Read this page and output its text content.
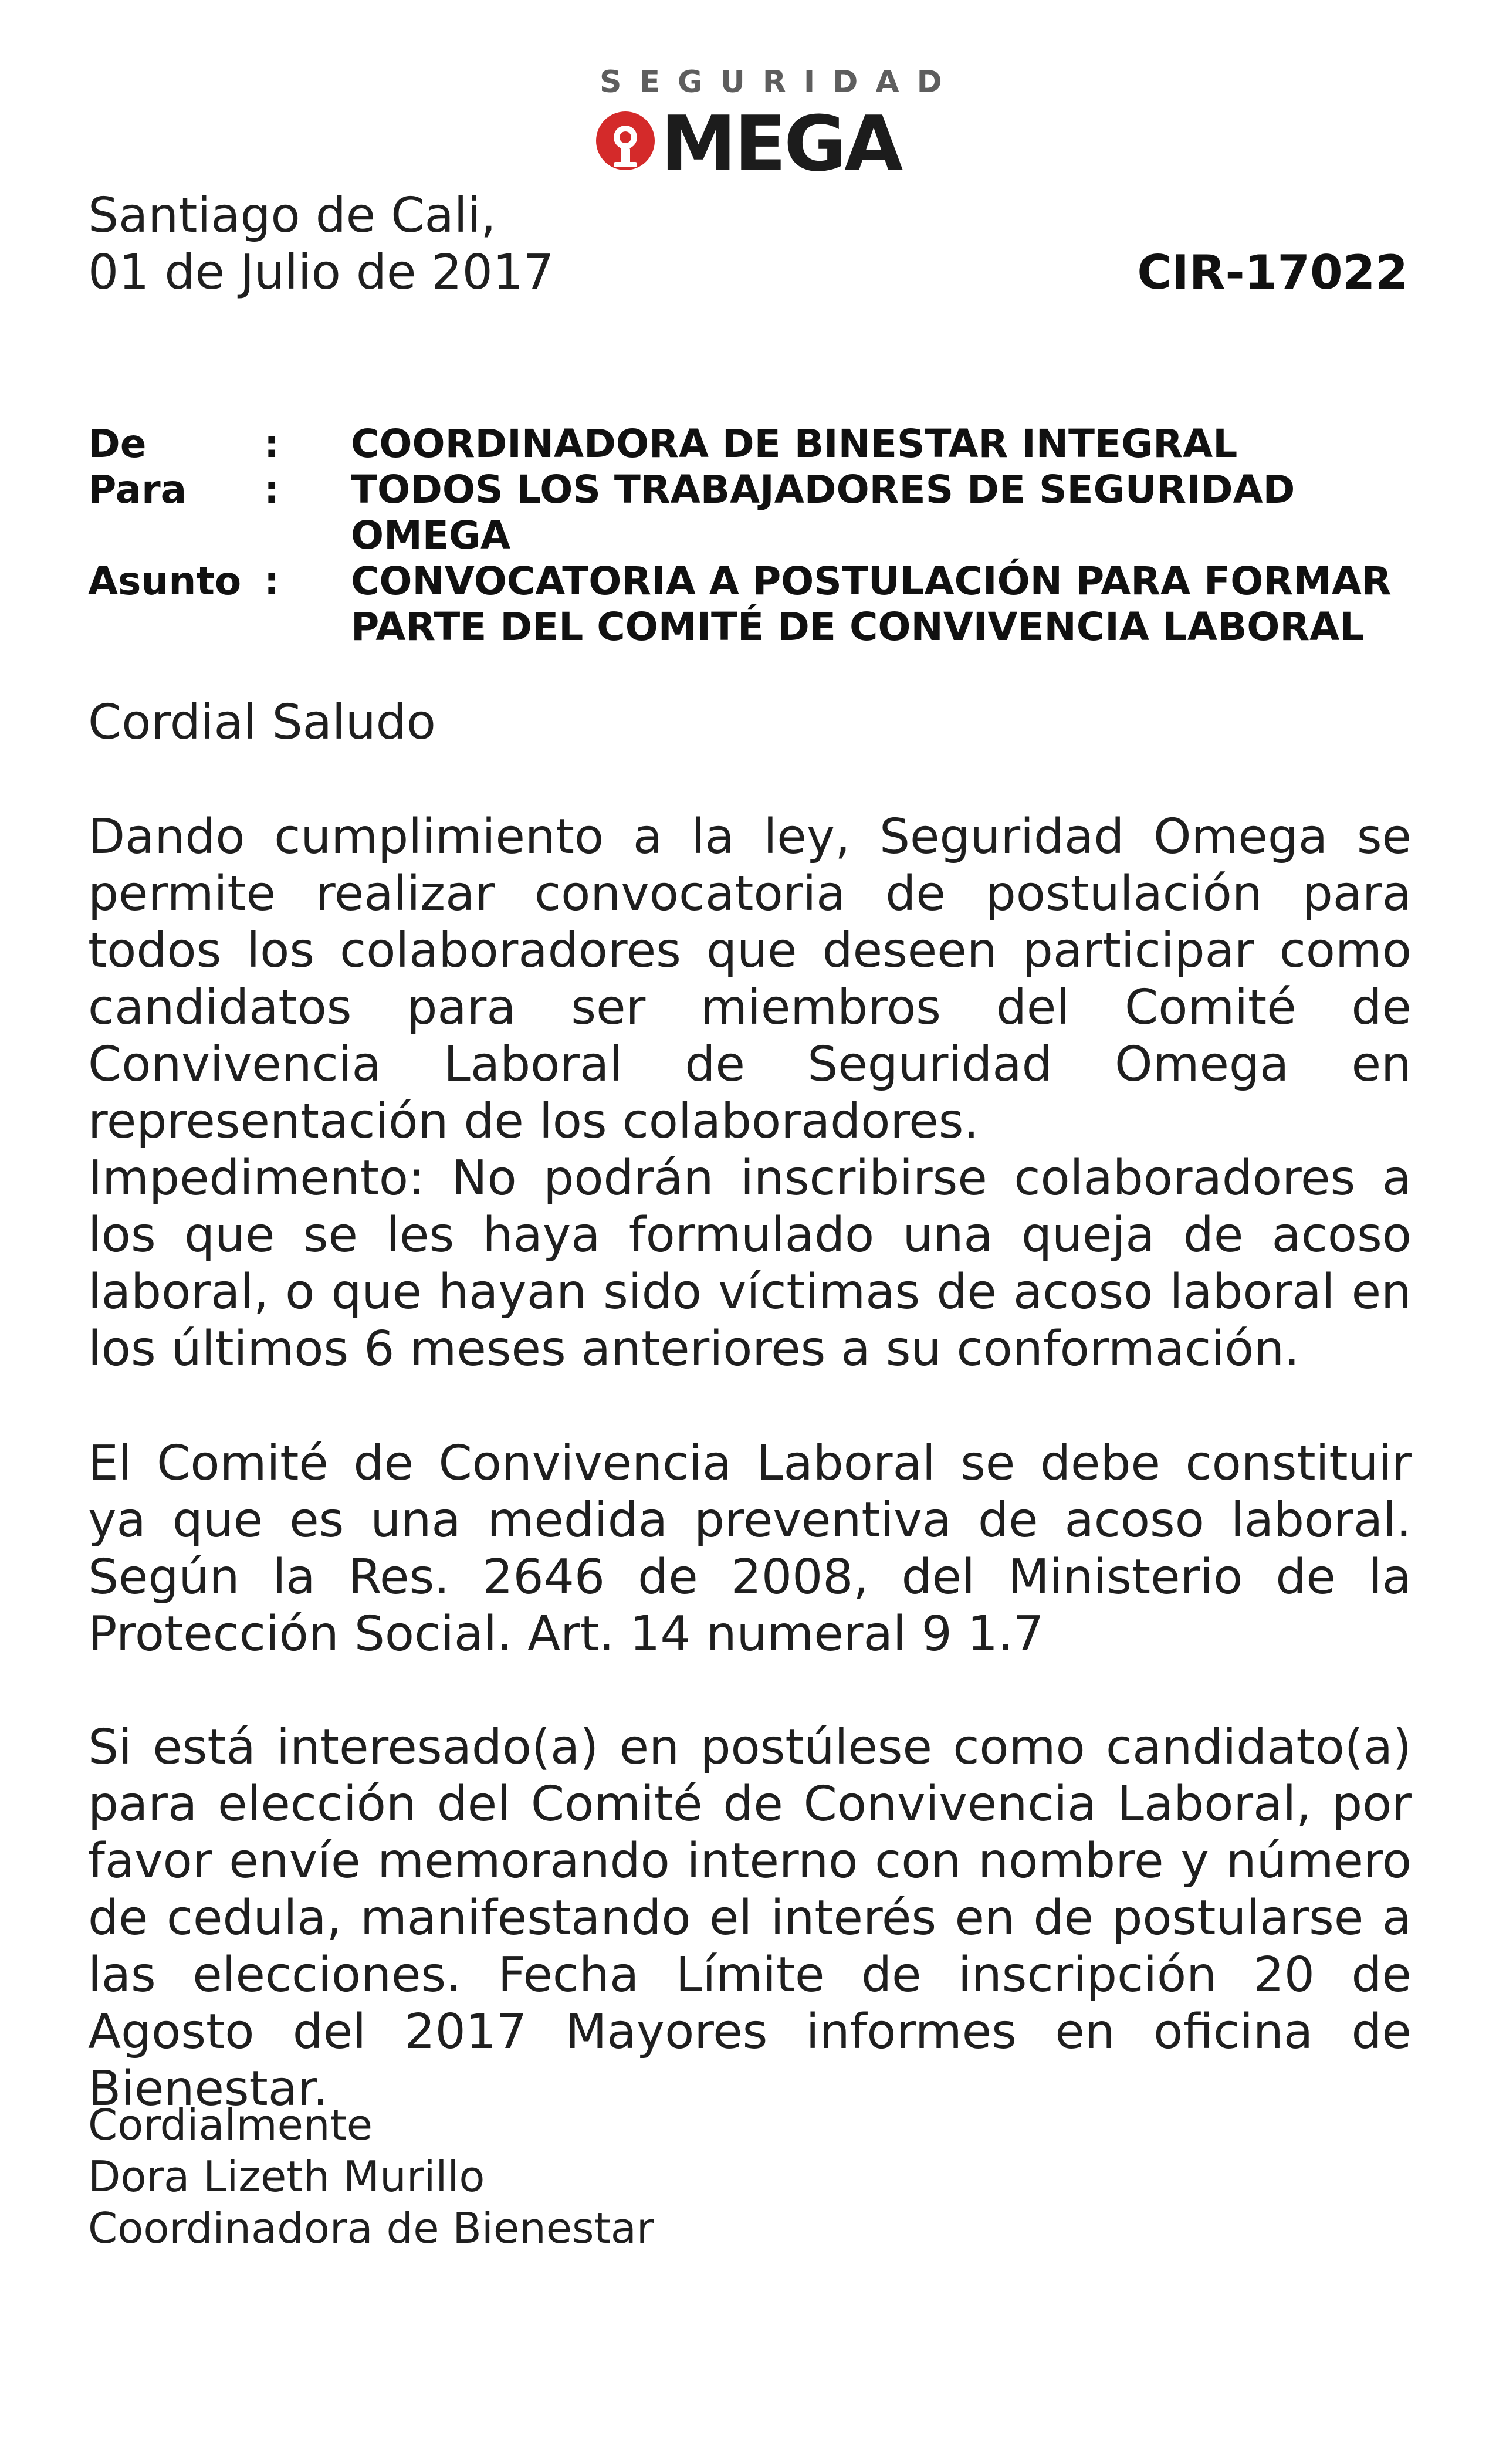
SEGURIDAD
MEGA
Santiago de Cali,
01 de Julio de 2017	CIR-17022
De	:	COORDINADORA DE BINESTAR INTEGRAL
Para	:	TODOS LOS TRABAJADORES DE SEGURIDAD OMEGA
Asunto :	CONVOCATORIA A POSTULACIÓN PARA FORMAR
PARTE DEL COMITÉ DE CONVIVENCIA LABORAL
Cordial Saludo
Dando cumplimiento a la ley, Seguridad Omega se permite realizar convocatoria de postulación para todos los colaboradores que deseen participar como candidatos para ser miembros del Comité de Convivencia Laboral de Seguridad Omega en representación de los colaboradores.
Impedimento: No podrán inscribirse colaboradores a los que se les haya formulado una queja de acoso laboral, o que hayan sido víctimas de acoso laboral en los últimos 6 meses anteriores a su conformación.
El Comité de Convivencia Laboral se debe constituir ya que es una medida preventiva de acoso laboral. Según la Res. 2646 de 2008, del Ministerio de la Protección Social. Art. 14 numeral 9 1.7
Si está interesado(a) en postúlese como candidato(a) para elección del Comité de Convivencia Laboral, por favor envíe memorando interno con nombre y número de cedula, manifestando el interés en de postularse a las elecciones. Fecha Límite de inscripción 20 de Agosto del 2017 Mayores informes en oficina de Bienestar.
Cordialmente
Dora Lizeth Murillo
Coordinadora de Bienestar
